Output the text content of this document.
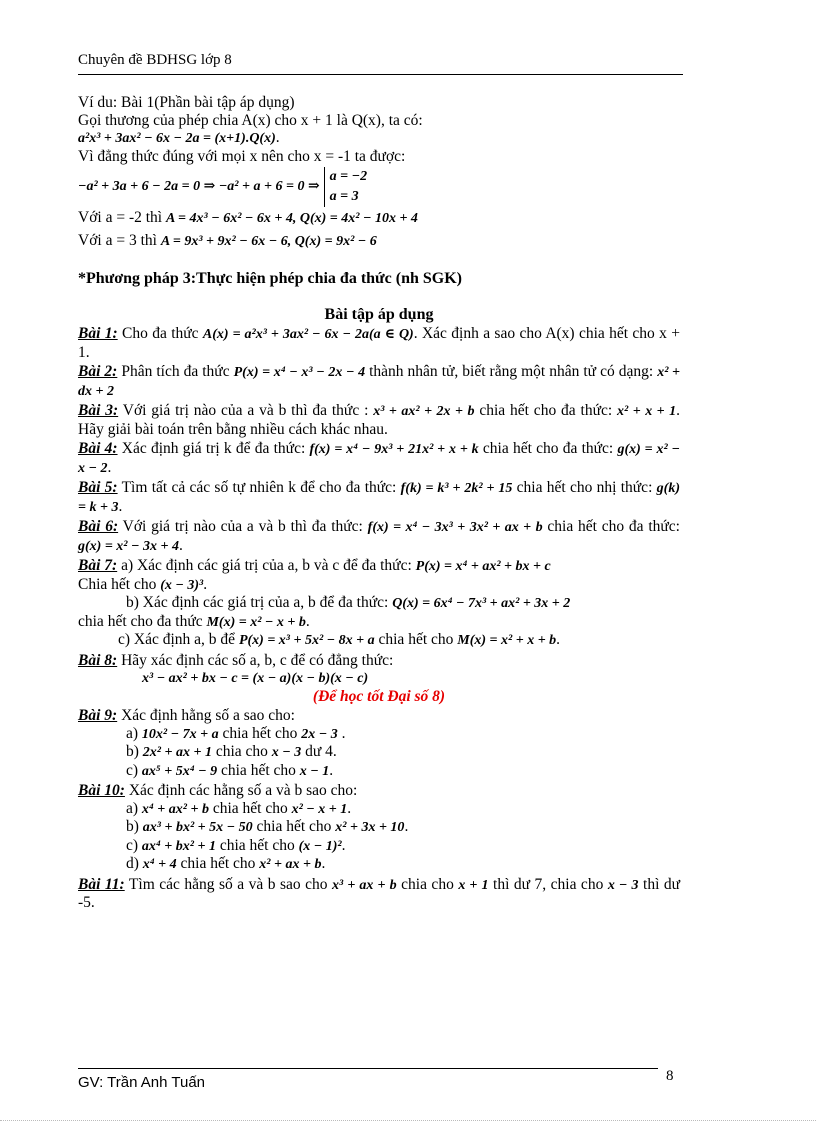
Chuyên đề BDHSG lớp 8
Ví du: Bài 1(Phần bài tập áp dụng)
Gọi thương của phép chia A(x) cho x + 1 là Q(x), ta có:
a²x³ + 3ax² − 6x − 2a = (x+1).Q(x).
Vì đẳng thức đúng với mọi x nên cho x = -1 ta được:
−a² + 3a + 6 − 2a = 0 ⇒ −a² + a + 6 = 0 ⇒
a = −2
a = 3
Với a = -2 thì A = 4x³ − 6x² − 6x + 4, Q(x) = 4x² − 10x + 4
Với a = 3 thì A = 9x³ + 9x² − 6x − 6, Q(x) = 9x² − 6
*Phương pháp 3:Thực hiện phép chia đa thức (nh SGK)
Bài tập áp dụng
Bài 1: Cho đa thức A(x) = a²x³ + 3ax² − 6x − 2a(a ∈ Q). Xác định a sao cho A(x) chia hết cho x + 1.
Bài 2: Phân tích đa thức P(x) = x⁴ − x³ − 2x − 4 thành nhân tử, biết rằng một nhân tử có dạng: x² + dx + 2
Bài 3: Với giá trị nào của a và b thì đa thức : x³ + ax² + 2x + b chia hết cho đa thức: x² + x + 1. Hãy giải bài toán trên bằng nhiều cách khác nhau.
Bài 4: Xác định giá trị k để đa thức: f(x) = x⁴ − 9x³ + 21x² + x + k chia hết cho đa thức: g(x) = x² − x − 2.
Bài 5: Tìm tất cả các số tự nhiên k để cho đa thức: f(k) = k³ + 2k² + 15 chia hết cho nhị thức: g(k) = k + 3.
Bài 6: Với giá trị nào của a và b thì đa thức: f(x) = x⁴ − 3x³ + 3x² + ax + b chia hết cho đa thức: g(x) = x² − 3x + 4.
Bài 7: a) Xác định các giá trị của a, b và c để đa thức: P(x) = x⁴ + ax² + bx + c
Chia hết cho (x − 3)³.
b) Xác định các giá trị của a, b để đa thức: Q(x) = 6x⁴ − 7x³ + ax² + 3x + 2
chia hết cho đa thức M(x) = x² − x + b.
c) Xác định a, b để P(x) = x³ + 5x² − 8x + a chia hết cho M(x) = x² + x + b.
Bài 8: Hãy xác định các số a, b, c để có đẳng thức:
x³ − ax² + bx − c = (x − a)(x − b)(x − c)
(Để học tốt Đại số 8)
Bài 9: Xác định hằng số a sao cho:
a) 10x² − 7x + a chia hết cho 2x − 3 .
b) 2x² + ax + 1 chia cho x − 3 dư 4.
c) ax⁵ + 5x⁴ − 9 chia hết cho x − 1.
Bài 10: Xác định các hằng số a và b sao cho:
a) x⁴ + ax² + b chia hết cho x² − x + 1.
b) ax³ + bx² + 5x − 50 chia hết cho x² + 3x + 10.
c) ax⁴ + bx² + 1 chia hết cho (x − 1)².
d) x⁴ + 4 chia hết cho x² + ax + b.
Bài 11: Tìm các hằng số a và b sao cho x³ + ax + b chia cho x + 1 thì dư 7, chia cho x − 3 thì dư -5.
GV: Trần Anh Tuấn	8
